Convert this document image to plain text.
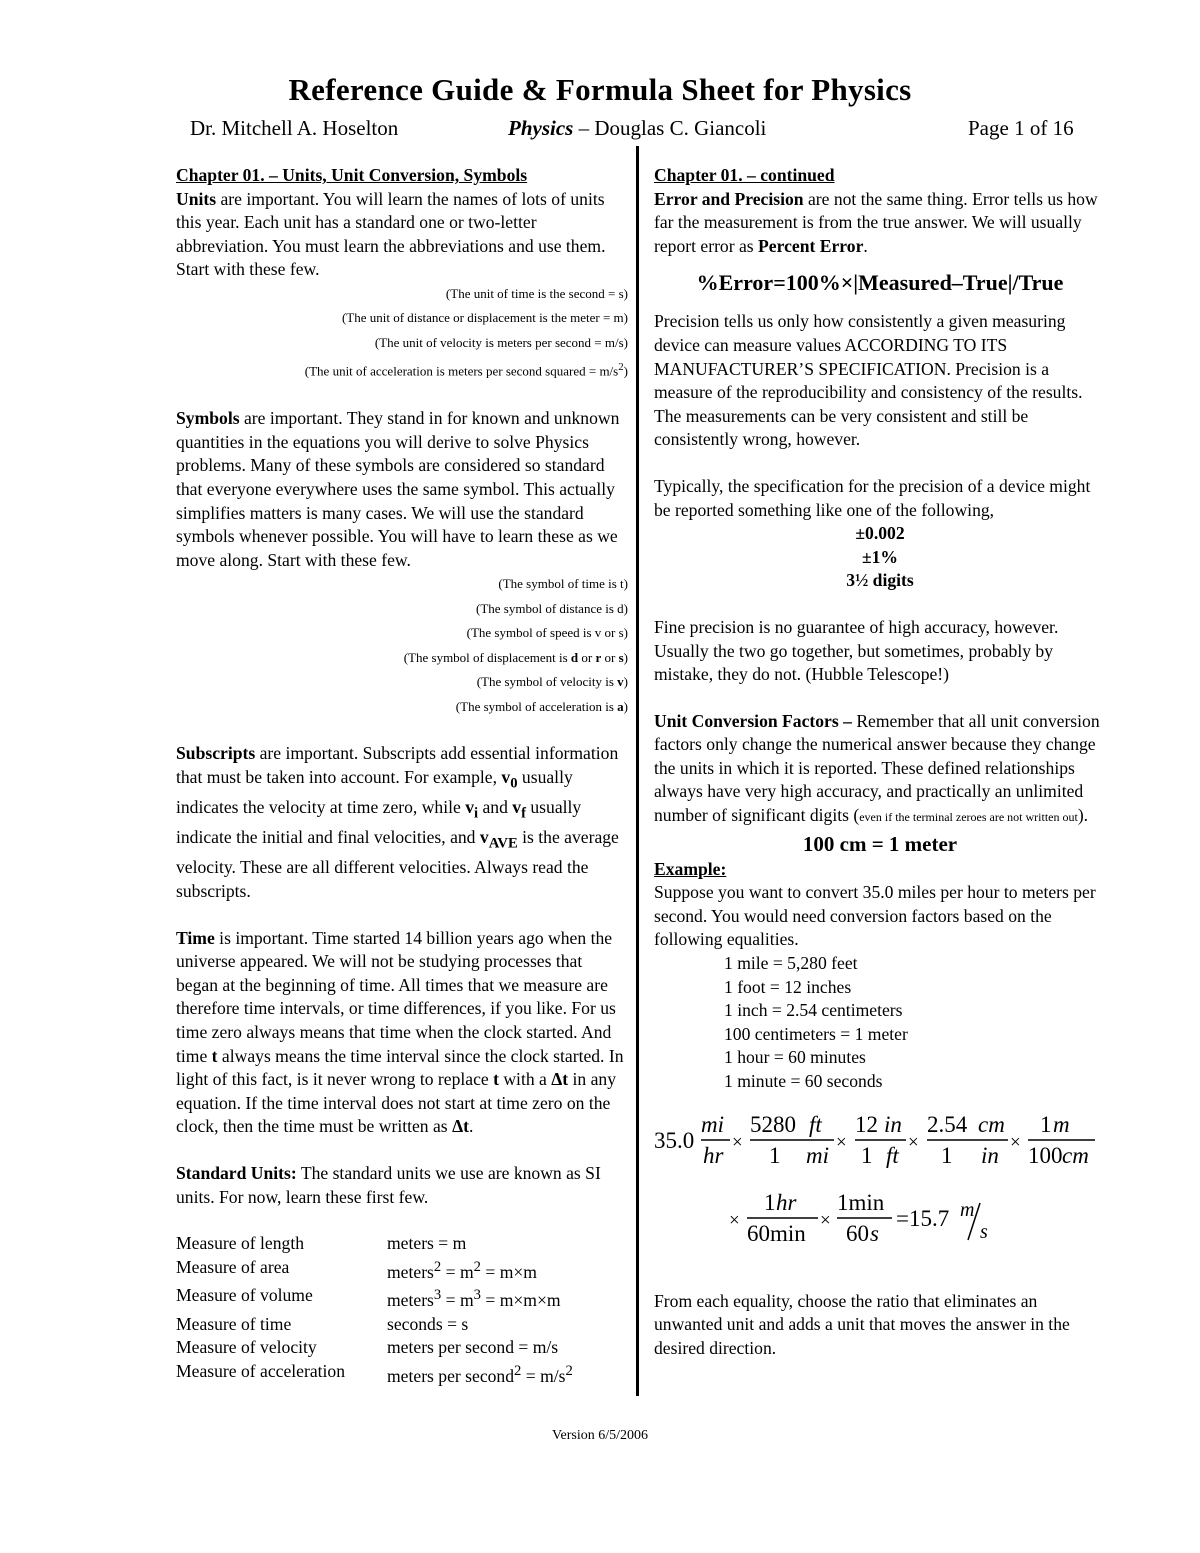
Reference Guide & Formula Sheet for Physics
Dr. Mitchell A. Hoselton	Physics – Douglas C. Giancoli	Page 1 of 16

Chapter 01. – Units, Unit Conversion, Symbols

Units are important. You will learn the names of lots of units this year. Each unit has a standard one or two-letter abbreviation. You must learn the abbreviations and use them. Start with these few.

(The unit of time is the second = s)
(The unit of distance or displacement is the meter = m)
(The unit of velocity is meters per second = m/s)
(The unit of acceleration is meters per second squared = $m/s^2$)

Symbols are important. They stand in for known and unknown quantities in the equations you will derive to solve Physics problems. Many of these symbols are considered so standard that everyone everywhere uses the same symbol. This actually simplifies matters is many cases. We will use the standard symbols whenever possible. You will have to learn these as we move along. Start with these few.

(The symbol of time is t)
(The symbol of distance is d)
(The symbol of speed is v or s)
(The symbol of displacement is d or r or s)
(The symbol of velocity is v)
(The symbol of acceleration is a)

Subscripts are important. Subscripts add essential information that must be taken into account. For example, $v_0$ usually indicates the velocity at time zero, while $v_i$ and $v_f$ usually indicate the initial and final velocities, and $v_{AVE}$ is the average velocity. These are all different velocities. Always read the subscripts.

Time is important. Time started 14 billion years ago when the universe appeared. We will not be studying processes that began at the beginning of time. All times that we measure are therefore time intervals, or time differences, if you like. For us time zero always means that time when the clock started. And time t always means the time interval since the clock started. In light of this fact, is it never wrong to replace t with a Δt in any equation. If the time interval does not start at time zero on the clock, then the time must be written as Δt.

Standard Units: The standard units we use are known as SI units. For now, learn these first few.

Measure of length	meters = m
Measure of area	meters$^2$ = $m^2 = m\times m$
Measure of volume	meters$^3$ = $m^3 = m\times m\times m$
Measure of time	seconds = s
Measure of velocity	meters per second = m/s
Measure of acceleration	meters per second$^2$ = $m/s^2$

Chapter 01. – continued

Error and Precision are not the same thing. Error tells us how far the measurement is from the true answer. We will usually report error as Percent Error.

%Error=100%×|Measured–True|/True

Precision tells us only how consistently a given measuring device can measure values ACCORDING TO ITS MANUFACTURER’S SPECIFICATION. Precision is a measure of the reproducibility and consistency of the results. The measurements can be very consistent and still be consistently wrong, however.

Typically, the specification for the precision of a device might be reported something like one of the following,

±0.002

±1%

3½ digits

Fine precision is no guarantee of high accuracy, however. Usually the two go together, but sometimes, probably by mistake, they do not. (Hubble Telescope!)

Unit Conversion Factors – Remember that all unit conversion factors only change the numerical answer because they change the units in which it is reported. These defined relationships always have very high accuracy, and practically an unlimited number of significant digits (even if the terminal zeroes are not written out).

100 cm = 1 meter

Example:

Suppose you want to convert 35.0 miles per hour to meters per second. You would need conversion factors based on the following equalities.

1 mile = 5,280 feet
1 foot = 12 inches
1 inch = 2.54 centimeters
100 centimeters = 1 meter
1 hour = 60 minutes
1 minute = 60 seconds
35.0
mi
hr
×
5280 ft
1 mi
×
12 in
1 ft
×
2.54 cm
1 in
×
1 m
100 cm
×
1 hr
60min
×
1min
60 s
=15.7 m
s

From each equality, choose the ratio that eliminates an unwanted unit and adds a unit that moves the answer in the desired direction.

Version 6/5/2006
